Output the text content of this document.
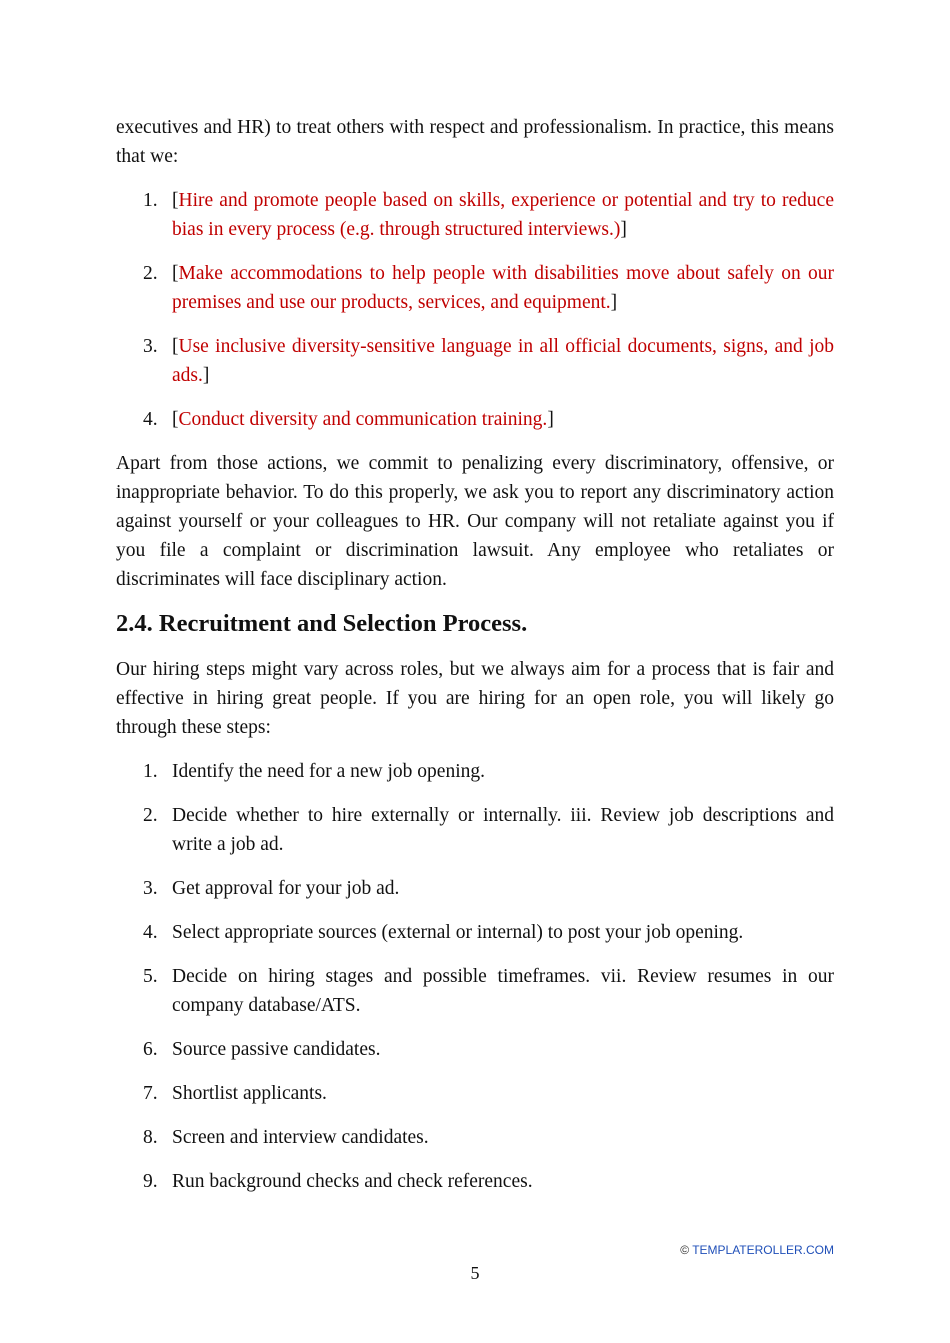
executives and HR) to treat others with respect and professionalism. In practice, this means that we:

1. [Hire and promote people based on skills, experience or potential and try to reduce bias in every process (e.g. through structured interviews.)]
2. [Make accommodations to help people with disabilities move about safely on our premises and use our products, services, and equipment.]
3. [Use inclusive diversity-sensitive language in all official documents, signs, and job ads.]
4. [Conduct diversity and communication training.]

Apart from those actions, we commit to penalizing every discriminatory, offensive, or inappropriate behavior. To do this properly, we ask you to report any discriminatory action against yourself or your colleagues to HR. Our company will not retaliate against you if you file a complaint or discrimination lawsuit. Any employee who retaliates or discriminates will face disciplinary action.

2.4. Recruitment and Selection Process.

Our hiring steps might vary across roles, but we always aim for a process that is fair and effective in hiring great people. If you are hiring for an open role, you will likely go through these steps:

1. Identify the need for a new job opening.
2. Decide whether to hire externally or internally. iii. Review job descriptions and write a job ad.
3. Get approval for your job ad.
4. Select appropriate sources (external or internal) to post your job opening.
5. Decide on hiring stages and possible timeframes. vii. Review resumes in our company database/ATS.
6. Source passive candidates.
7. Shortlist applicants.
8. Screen and interview candidates.
9. Run background checks and check references.
© TEMPLATEROLLER.COM
5
